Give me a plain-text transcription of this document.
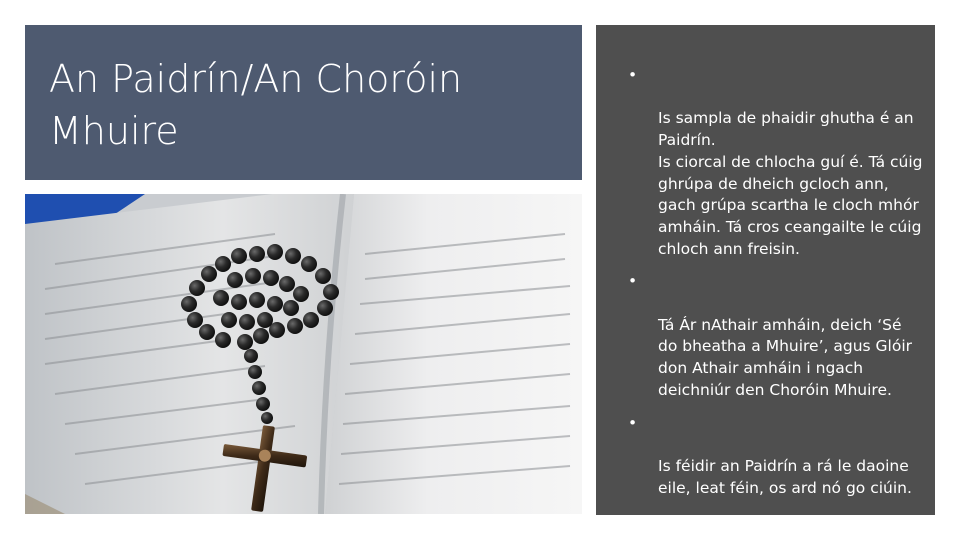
An Paidrín/An Choróin Mhuire

•

Is sampla de phaidir ghutha é an Paidrín.
Is ciorcal de chlocha guí é. Tá cúig ghrúpa de dheich gcloch ann, gach grúpa scartha le cloch mhór amháin. Tá cros ceangailte le cúig chloch ann freisin.

•

Tá Ár nAthair amháin, deich ‘Sé do bheatha a Mhuire’, agus Glóir don Athair amháin i ngach deichniúr den Choróin Mhuire.

•

Is féidir an Paidrín a rá le daoine eile, leat féin, os ard nó go ciúin.
